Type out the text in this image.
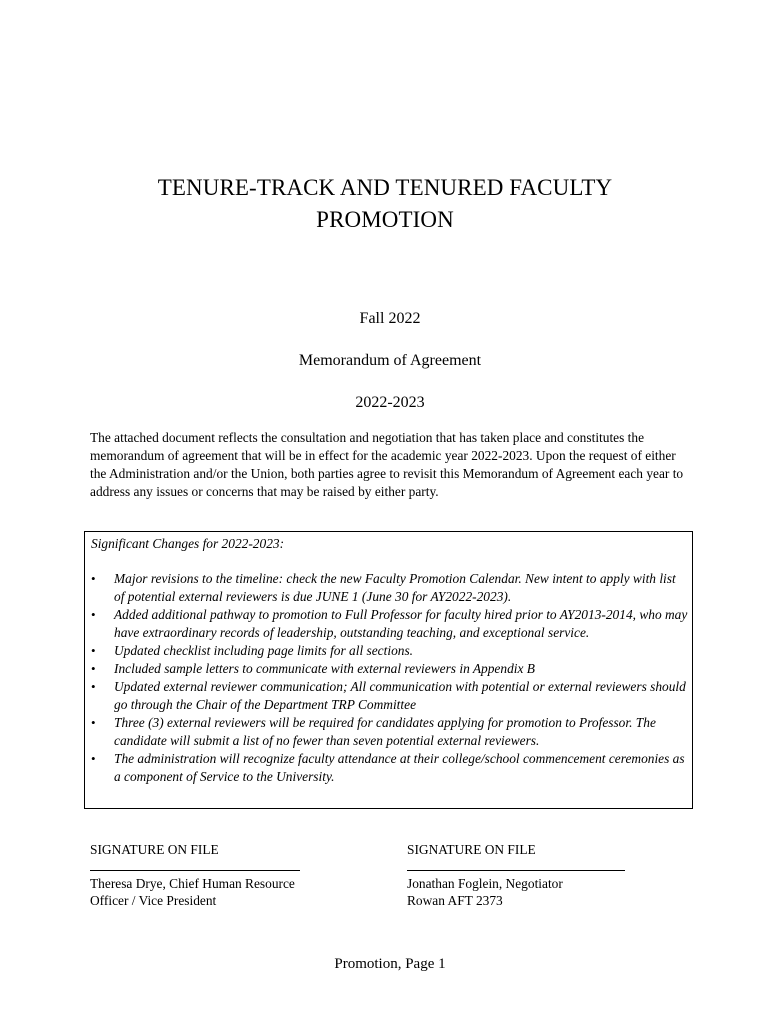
TENURE-TRACK AND TENURED FACULTY
PROMOTION
Fall 2022
Memorandum of Agreement
2022-2023
The attached document reflects the consultation and negotiation that has taken place and constitutes the memorandum of agreement that will be in effect for the academic year 2022-2023. Upon the request of either the Administration and/or the Union, both parties agree to revisit this Memorandum of Agreement each year to address any issues or concerns that may be raised by either party.
Significant Changes for 2022-2023:
• Major revisions to the timeline: check the new Faculty Promotion Calendar. New intent to apply with list of potential external reviewers is due JUNE 1 (June 30 for AY2022-2023).
• Added additional pathway to promotion to Full Professor for faculty hired prior to AY2013-2014, who may have extraordinary records of leadership, outstanding teaching, and exceptional service.
• Updated checklist including page limits for all sections.
• Included sample letters to communicate with external reviewers in Appendix B
• Updated external reviewer communication; All communication with potential or external reviewers should go through the Chair of the Department TRP Committee
• Three (3) external reviewers will be required for candidates applying for promotion to Professor. The candidate will submit a list of no fewer than seven potential external reviewers.
• The administration will recognize faculty attendance at their college/school commencement ceremonies as a component of Service to the University.
SIGNATURE ON FILE
Theresa Drye, Chief Human Resource
Officer / Vice President
SIGNATURE ON FILE
Jonathan Foglein, Negotiator
Rowan AFT 2373
Promotion, Page 1
